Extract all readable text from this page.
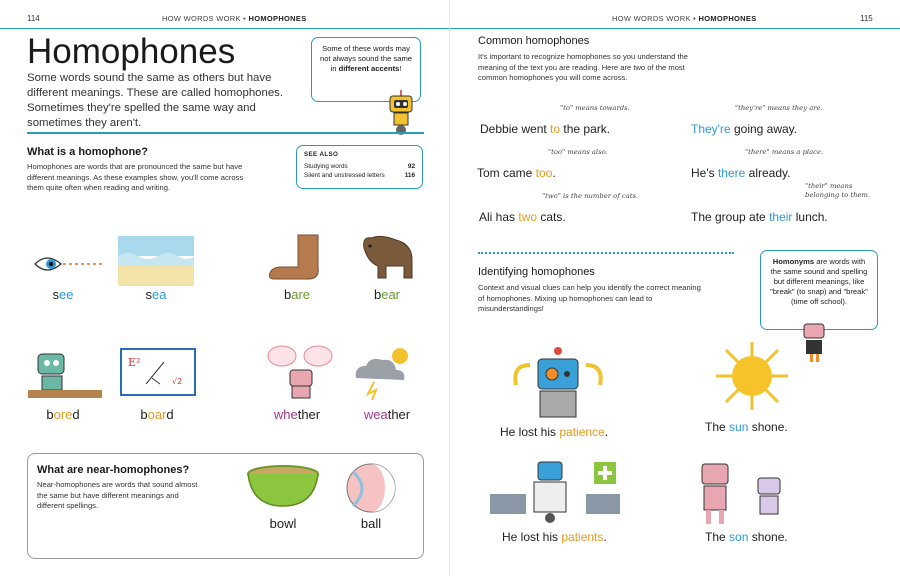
114	HOW WORDS WORK • HOMOPHONES
Homophones

Some words sound the same as others but have different meanings. These are called homophones. Sometimes they're spelled the same way and sometimes they aren't.

Some of these words may not always sound the same in different accents!
What is a homophone?

Homophones are words that are pronounced the same but have different meanings. As these examples show, you'll come across them quite often when reading and writing.

SEE ALSO
Studying words	92
Silent and unstressed letters	116
see	sea	bare	bear
E²
√2
bored	board	whether	weather
What are near-homophones?

Near-homophones are words that sound almost the same but have different meanings and different spellings.

bowl	ball
HOW WORDS WORK • HOMOPHONES	115
Common homophones

It's important to recognize homophones so you understand the meaning of the text you are reading. Here are two of the most common homophones you will come across.

"to" means towards.
Debbie went to the park.
"they're" means they are.
They're going away.
"too" means also.
Tom came too.
"there" means a place.
He's there already.
"two" is the number of cats.
Ali has two cats.
"their" means belonging to them.
The group ate their lunch.
Identifying homophones

Context and visual clues can help you identify the correct meaning of homophones. Mixing up homophones can lead to misunderstandings!

Homonyms are words with the same sound and spelling but different meanings, like "break" (to snap) and "break" (time off school).
He lost his patience.	The sun shone.
He lost his patients.	The son shone.
